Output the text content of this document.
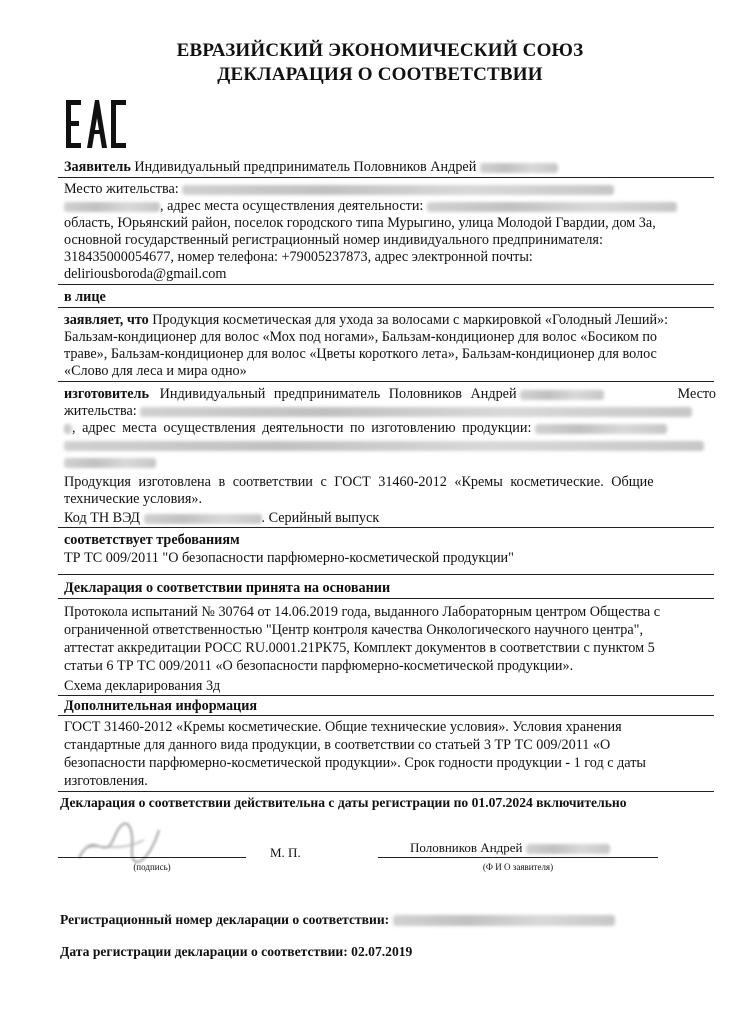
ЕВРАЗИЙСКИЙ ЭКОНОМИЧЕСКИЙ СОЮЗ
ДЕКЛАРАЦИЯ О СООТВЕТСТВИИ
Заявитель Индивидуальный предприниматель Половников Андрей
Место жительства:
, адрес места осуществления деятельности:
область, Юрьянский район, поселок городского типа Мурыгино, улица Молодой Гвардии, дом 3а,
основной государственный регистрационный номер индивидуального предпринимателя:
318435000054677, номер телефона: +79005237873, адрес электронной почты:
deliriousboroda@gmail.com
в лице
заявляет, что Продукция косметическая для ухода за волосами с маркировкой «Голодный Леший»:
Бальзам-кондиционер для волос «Мох под ногами», Бальзам-кондиционер для волос «Босиком по
траве», Бальзам-кондиционер для волос «Цветы короткого лета», Бальзам-кондиционер для волос
«Слово для леса и мира одно»
изготовитель Индивидуальный предприниматель Половников Андрей	Место
жительства:
, адрес места осуществления деятельности по изготовлению продукции:
Продукция изготовлена в соответствии с ГОСТ 31460-2012 «Кремы косметические. Общие
технические условия».
Код ТН ВЭД	. Серийный выпуск
соответствует требованиям
ТР ТС 009/2011 "О безопасности парфюмерно-косметической продукции"
Декларация о соответствии принята на основании
Протокола испытаний № 30764 от 14.06.2019 года, выданного Лабораторным центром Общества с
ограниченной ответственностью "Центр контроля качества Онкологического научного центра",
аттестат аккредитации РОСС RU.0001.21РК75, Комплект документов в соответствии с пунктом 5
статьи 6 ТР ТС 009/2011 «О безопасности парфюмерно-косметической продукции».
Схема декларирования 3д
Дополнительная информация
ГОСТ 31460-2012 «Кремы косметические. Общие технические условия». Условия хранения
стандартные для данного вида продукции, в соответствии со статьей 3 ТР ТС 009/2011 «О
безопасности парфюмерно-косметической продукции». Срок годности продукции - 1 год с даты
изготовления.
Декларация о соответствии действительна с даты регистрации по 01.07.2024 включительно
(подпись)
М. П.	Половников Андрей
(Ф И О заявителя)
Регистрационный номер декларации о соответствии:
Дата регистрации декларации о соответствии: 02.07.2019
